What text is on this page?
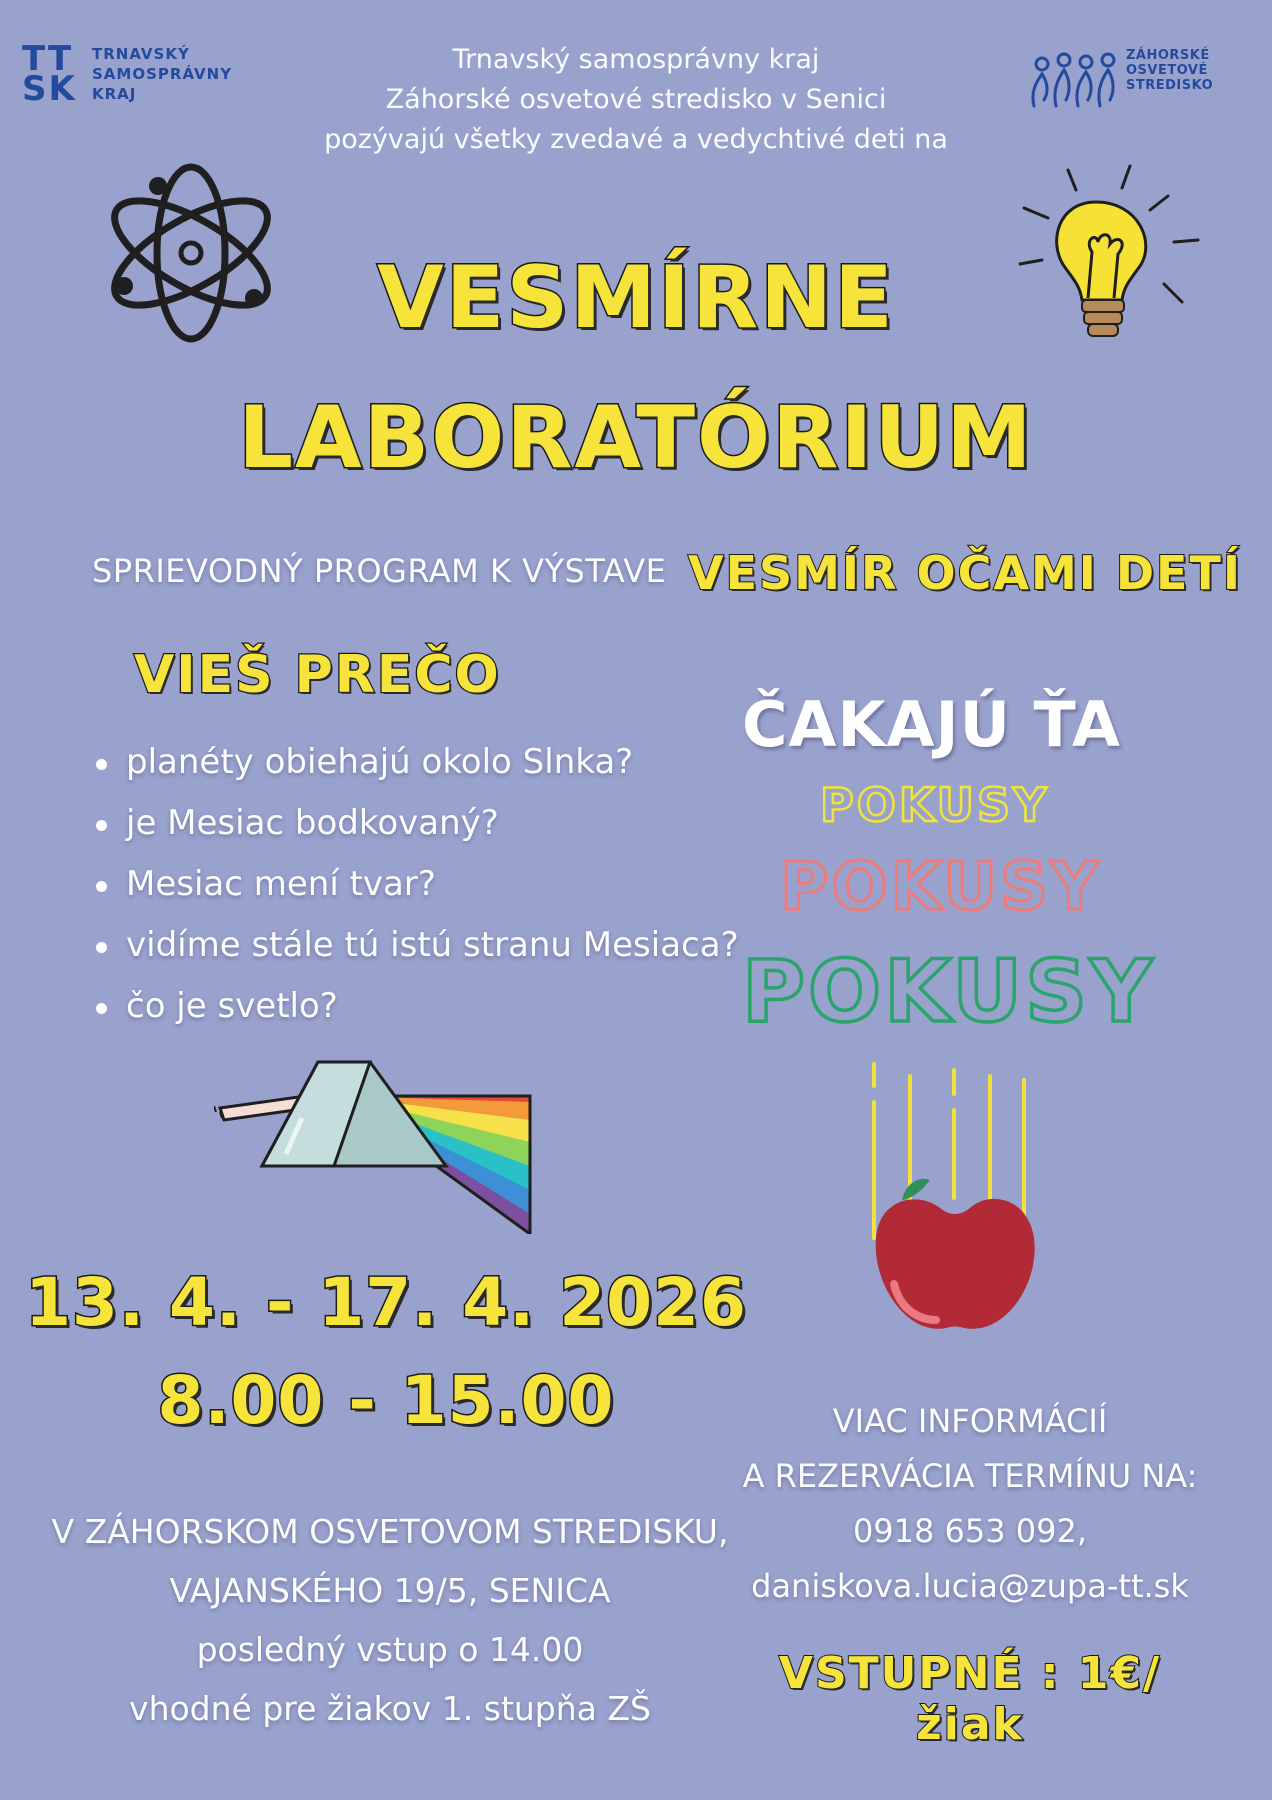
TT
SK
TRNAVSKÝ
SAMOSPRÁVNY
KRAJ
ZÁHORSKÉ
OSVETOVÉ
STREDISKO
Trnavský samosprávny kraj
Záhorské osvetové stredisko v Senici
pozývajú všetky zvedavé a vedychtivé deti na
VESMÍRNE
LABORATÓRIUM
SPRIEVODNÝ PROGRAM K VÝSTAVE VESMÍR OČAMI DETÍ
VIEŠ PREČO
planéty obiehajú okolo Slnka?
je Mesiac bodkovaný?
Mesiac mení tvar?
vidíme stále tú istú stranu Mesiaca?
čo je svetlo?
ČAKAJÚ ŤA
POKUSY
POKUSY
POKUSY
13. 4. - 17. 4. 2026
8.00 - 15.00
V ZÁHORSKOM OSVETOVOM STREDISKU,
VAJANSKÉHO 19/5, SENICA
posledný vstup o 14.00
vhodné pre žiakov 1. stupňa ZŠ
VIAC INFORMÁCIÍ
A REZERVÁCIA TERMÍNU NA:
0918 653 092,
daniskova.lucia@zupa-tt.sk
VSTUPNÉ : 1€/žiak
